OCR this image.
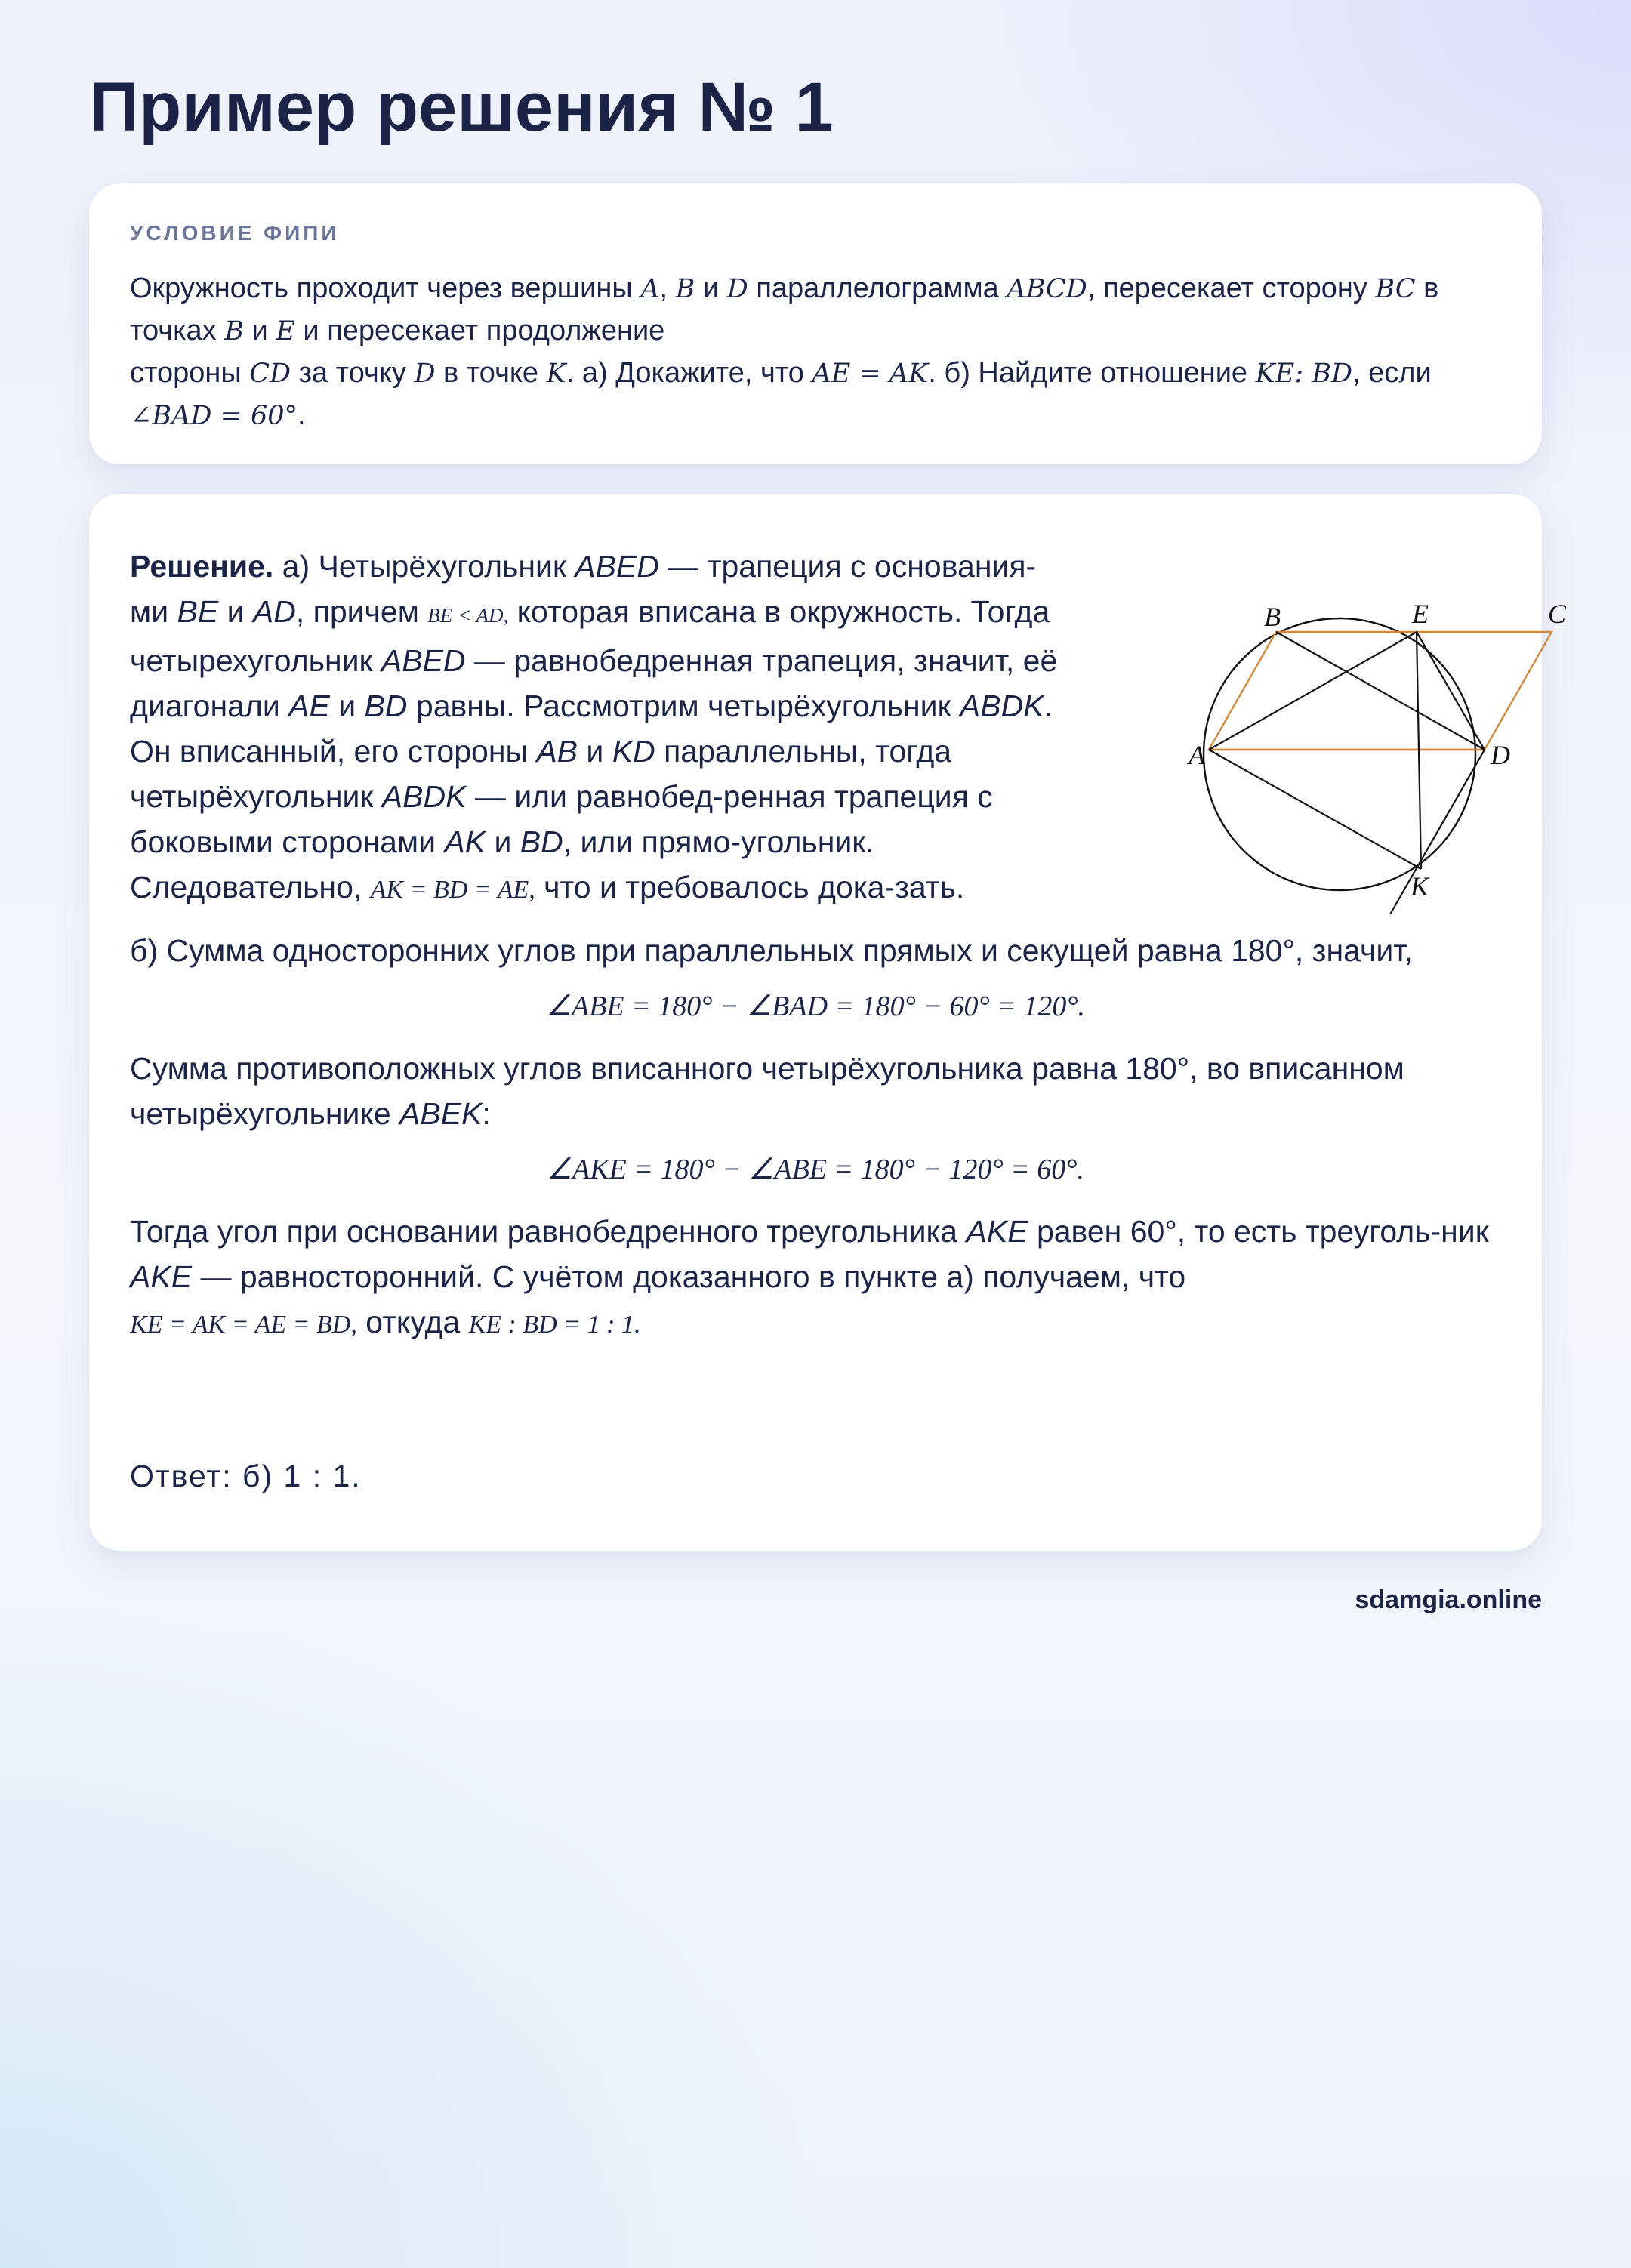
Пример решения № 1
УСЛОВИЕ ФИПИ
Окружность проходит через вершины A, B и D параллелограмма ABCD, пересекает сторону BC в
точках B и E и пересекает продолжение
стороны CD за точку D в точке K. а) Докажите, что AE = AK. б) Найдите отношение KE: BD, если
∠BAD = 60°.
B	E	C
A	D
K

Решение. а) Четырёхугольник ABED — трапеция с основания-ми BE и AD, причем BE < AD, которая вписана в окружность. Тогда четырехугольник ABED — равнобедренная трапеция, значит, её диагонали AE и BD равны. Рассмотрим четырёхугольник ABDK. Он вписанный, его стороны AB и KD параллельны, тогда четырёхугольник ABDK — или равнобед-ренная трапеция с боковыми сторонами AK и BD, или прямо-угольник. Следовательно, AK = BD = AE, что и требовалось дока-зать.

б) Сумма односторонних углов при параллельных прямых и секущей равна 180°, значит,

∠ABE = 180° − ∠BAD = 180° − 60° = 120°.

Сумма противоположных углов вписанного четырёхугольника равна 180°, во вписанном четырёхугольнике ABEK:

∠AKE = 180° − ∠ABE = 180° − 120° = 60°.

Тогда угол при основании равнобедренного треугольника AKE равен 60°, то есть треуголь-ник AKE — равносторонний. С учётом доказанного в пункте а) получаем, что
KE = AK = AE = BD, откуда KE : BD = 1 : 1.

Ответ: б) 1 : 1.
sdamgia.online
